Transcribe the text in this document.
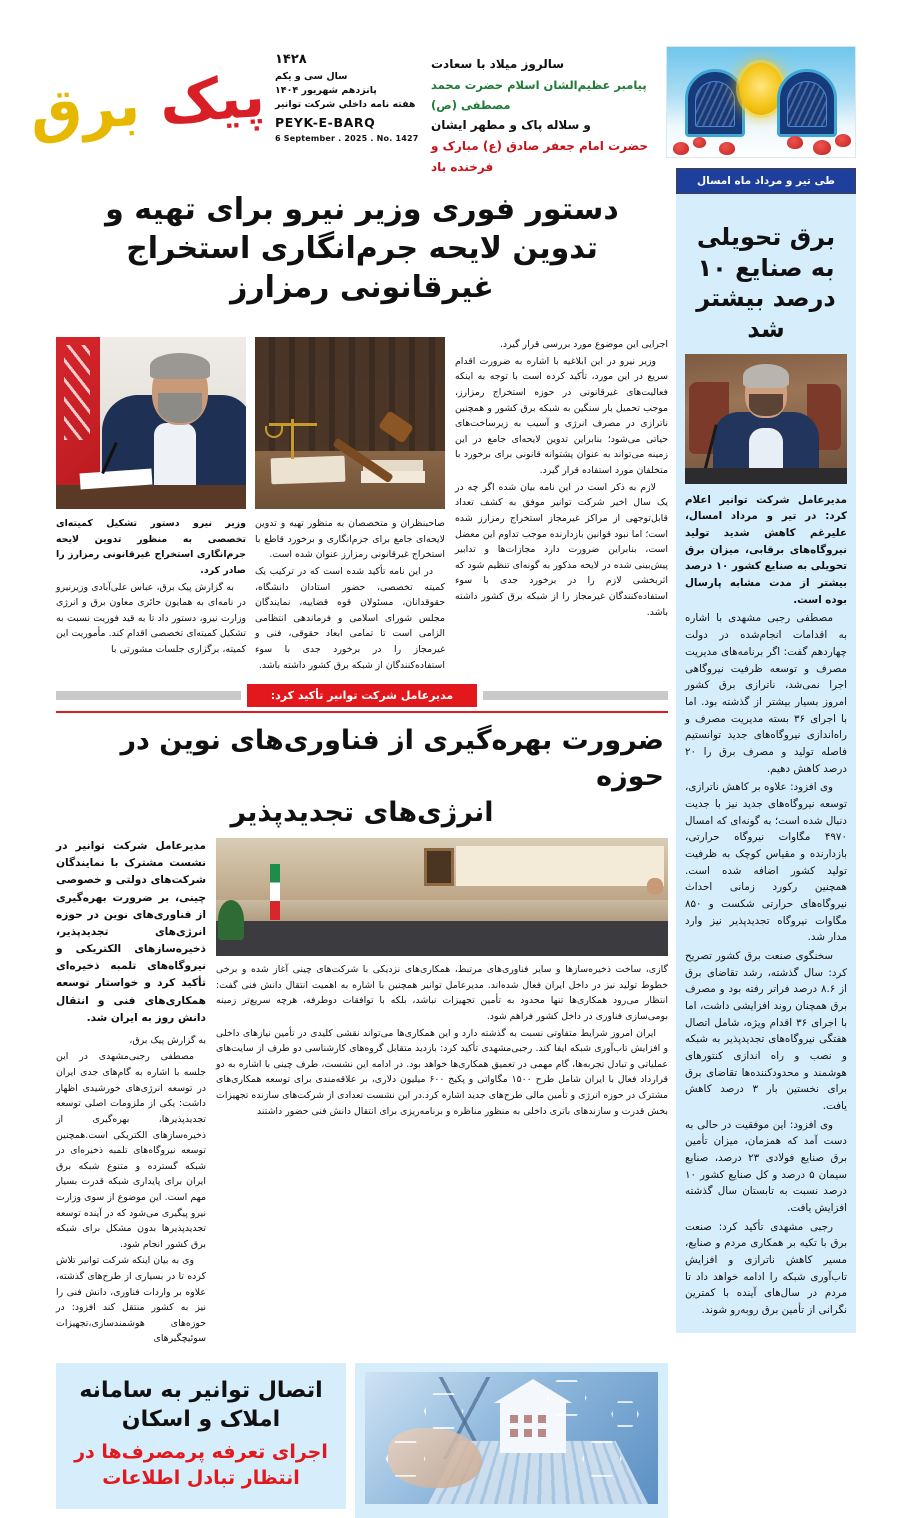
پیک برق
۱۴۲۸
سال سی و یکم
پانزدهم شهریور ۱۴۰۴
هفته نامه داخلي شركت توانير
PEYK-E-BARQ
6 September . 2025 . No. 1427
سالروز میلاد با سعادت
پیامبر عظیم‌الشان اسلام حضرت محمد مصطفی (ص)
و سلاله پاک و مطهر ایشان
حضرت امام جعفر صادق (ع) مبارک و فرخنده باد
دستور فوری وزیر نیرو برای تهیه و تدوین لایحه جرم‌انگاری استخراج غیرقانونی رمزارز

وزیر نیرو دستور تشکیل کمیته‌ای تخصصی به منظور تدوین لایحه جرم‌انگاری استخراج غیرقانونی رمزارز را صادر کرد.

به گزارش پیک برق، عباس علی‌آبادی وزیرنیرو در نامه‌ای به همایون حائری معاون برق و انرژی وزارت نیرو، دستور داد تا به قید فوریت نسبت به تشکیل کمیته‌ای تخصصی اقدام کند. مأموریت این کمیته، برگزاری جلسات مشورتی با

صاحبنظران و متخصصان به منظور تهیه و تدوین لایحه‌ای جامع برای جرم‌انگاری و برخورد قاطع با استخراج غیرقانونی رمزارز عنوان شده است.

در این نامه تأکید شده است که در ترکیب یک کمیته تخصصی، حضور استادان دانشگاه، حقوقدانان، مسئولان قوه قضاییه، نمایندگان مجلس شورای اسلامی و فرماندهی انتظامی الزامی است تا تمامی ابعاد حقوقی، فنی و غیرمجاز را در برخورد جدی با سوء استفاده‌کنندگان از شبکه برق کشور داشته باشد.

اجرایی این موضوع مورد بررسی قرار گیرد.

وزیر نیرو در این ابلاغیه با اشاره به ضرورت اقدام سریع در این مورد، تأکید کرده است با توجه به اینکه فعالیت‌های غیرقانونی در حوزه استخراج رمزارز، موجب تحمیل بار سنگین به شبکه برق کشور و همچنین ناترازی در مصرف انرژی و آسیب به زیرساخت‌های حیاتی می‌شود؛ بنابراین تدوین لایحه‌ای جامع در این زمینه می‌تواند به عنوان پشتوانه قانونی برای برخورد با متخلفان مورد استفاده قرار گیرد.

لازم به ذکر است در این نامه بیان شده اگر چه در یک سال اخیر شرکت توانیر موفق به کشف تعداد قابل‌توجهی از مراکز غیرمجاز استخراج رمزارز شده است؛ اما نبود قوانین بازدارنده موجب تداوم این معضل است، بنابراین ضرورت دارد مجازات‌ها و تدابیر پیش‌بینی شده در لایحه مذکور به گونه‌ای تنظیم شود که اثربخشی لازم را در برخورد جدی با سوء استفاده‌کنندگان غیرمجاز را از شبکه برق کشور داشته باشد.

مدیرعامل شرکت توانیر تأکید کرد:
ضرورت بهره‌گیری از فناوری‌های نوین در حوزه
انرژی‌های تجدیدپذیر
مدیرعامل شرکت توانیر در نشست مشترک با نمایندگان شرکت‌های دولتی و خصوصی چینی، بر ضرورت بهره‌گیری از فناوری‌های نوین در حوزه انرژی‌های تجدیدپذیر، ذخیره‌سازهای الکتریکی و نیروگاه‌های تلمبه ذخیره‌ای تأکید کرد و خواستار توسعه همکاری‌های فنی و انتقال دانش روز به ایران شد.

به گزارش پیک برق،

مصطفی رجبی‌مشهدی در این جلسه با اشاره به گام‌های جدی ایران در توسعه انرژی‌های خورشیدی اظهار داشت: یکی از ملزومات اصلی توسعه تجدیدپذیرها، بهره‌گیری از ذخیره‌سازهای الکتریکی است.همچنین توسعه نیروگاه‌های تلمبه ذخیره‌ای در شبکه گسترده و متنوع شبکه برق ایران برای پایداری شبکه قدرت بسیار مهم است. این موضوع از سوی وزارت نیرو پیگیری می‌شود که در آینده توسعه تجدیدپذیرها بدون مشکل برای شبکه برق کشور انجام شود.

وی به بیان اینکه شرکت توانیر تلاش کرده تا در بسیاری از طرح‌های گذشته، علاوه بر واردات فناوری، دانش فنی را نیز به کشور منتقل کند افزود: در حوزه‌های هوشمندسازی،تجهیزات سوئیچگیرهای

گازی، ساخت ذخیره‌سازها و سایر فناوری‌های مرتبط، همکاری‌های نزدیکی با شرکت‌های چینی آغاز شده و برخی خطوط تولید نیز در داخل ایران فعال شده‌اند. مدیرعامل توانیر همچنین با اشاره به اهمیت انتقال دانش فنی گفت: انتظار می‌رود همکاری‌ها تنها محدود به تأمین تجهیزات نباشد، بلکه با توافقات دوطرفه، هرچه سریع‌تر زمینه بومی‌سازی فناوری در داخل کشور فراهم شود.

ایران امروز شرایط متفاوتی نسبت به گذشته دارد و این همکاری‌ها می‌تواند نقشی کلیدی در تأمین نیازهای داخلی و افزایش تاب‌آوری شبکه ایفا کند. رجبی‌مشهدی تأکید کرد: بازدید متقابل گروه‌های کارشناسی دو طرف از سایت‌های عملیاتی و تبادل تجربه‌ها، گام مهمی در تعمیق همکاری‌ها خواهد بود. در ادامه این نشست، طرف چینی با اشاره به دو قرارداد فعال با ایران شامل طرح ۱۵۰۰ مگاواتی و پکیج ۶۰۰ میلیون دلاری، بر علاقه‌مندی برای توسعه همکاری‌های مشترک در حوزه انرژی و تأمین مالی طرح‌های جدید اشاره کرد.در این نشست تعدادی از شرکت‌های سازنده تجهیزات بخش قدرت و سازندهای باتری داخلی به منظور مناظره و برنامه‌ریزی برای انتقال دانش فنی حضور داشتند

اتصال توانیر به سامانه املاک و اسکان
اجرای تعرفه پرمصرف‌ها در انتظار تبادل اطلاعات
طی تیر و مرداد ماه امسال
برق تحویلی به صنایع ۱۰ درصد بیشتر شد

مدیرعامل شرکت توانیر اعلام کرد: در تیر و مرداد امسال، علیرغم کاهش شدید تولید نیروگاه‌های برقابی، میزان برق تحویلی به صنایع کشور ۱۰ درصد بیشتر از مدت مشابه پارسال بوده است.

مصطفی رجبی مشهدی با اشاره به اقدامات انجام‌شده در دولت چهاردهم گفت: اگر برنامه‌های مدیریت مصرف و توسعه ظرفیت نیروگاهی اجرا نمی‌شد، ناترازی برق کشور امروز بسیار بیشتر از گذشته بود. اما با اجرای ۳۶ بسته مدیریت مصرف و راه‌اندازی نیروگاه‌های جدید توانستیم فاصله تولید و مصرف برق را ۲۰ درصد کاهش دهیم.

وی افزود: علاوه بر کاهش ناترازی، توسعه نیروگاه‌های جدید نیز با جدیت دنبال شده است؛ به گونه‌ای که امسال ۴۹۷۰ مگاوات نیروگاه حرارتی، بازدارنده و مقیاس کوچک به ظرفیت تولید کشور اضافه شده است. همچنین رکورد زمانی احداث نیروگاه‌های حرارتی شکست و ۸۵۰ مگاوات نیروگاه تجدیدپذیر نیز وارد مدار شد.

سخنگوی صنعت برق کشور تصریح کرد: سال گذشته، رشد تقاضای برق از ۸.۶ درصد فراتر رفته بود و مصرف برق همچنان روند افزایشی داشت، اما با اجرای ۳۶ اقدام ویژه، شامل اتصال هفتگی نیروگاه‌های تجدیدپذیر به شبکه و نصب و راه اندازی کنتورهای هوشمند و محدودکننده‌ها تقاضای برق برای نخستین بار ۳ درصد کاهش یافت.

وی افزود: این موفقیت در حالی به دست آمد که همزمان، میزان تأمین برق صنایع فولادی ۲۳ درصد، صنایع سیمان ۵ درصد و کل صنایع کشور ۱۰ درصد نسبت به تابستان سال گذشته افزایش یافت.

رجبی مشهدی تأکید کرد: صنعت برق با تکیه بر همکاری مردم و صنایع، مسیر کاهش ناترازی و افزایش تاب‌آوری شبکه را ادامه خواهد داد تا مردم در سال‌های آینده با کمترین نگرانی از تأمین برق روبه‌رو شوند.
